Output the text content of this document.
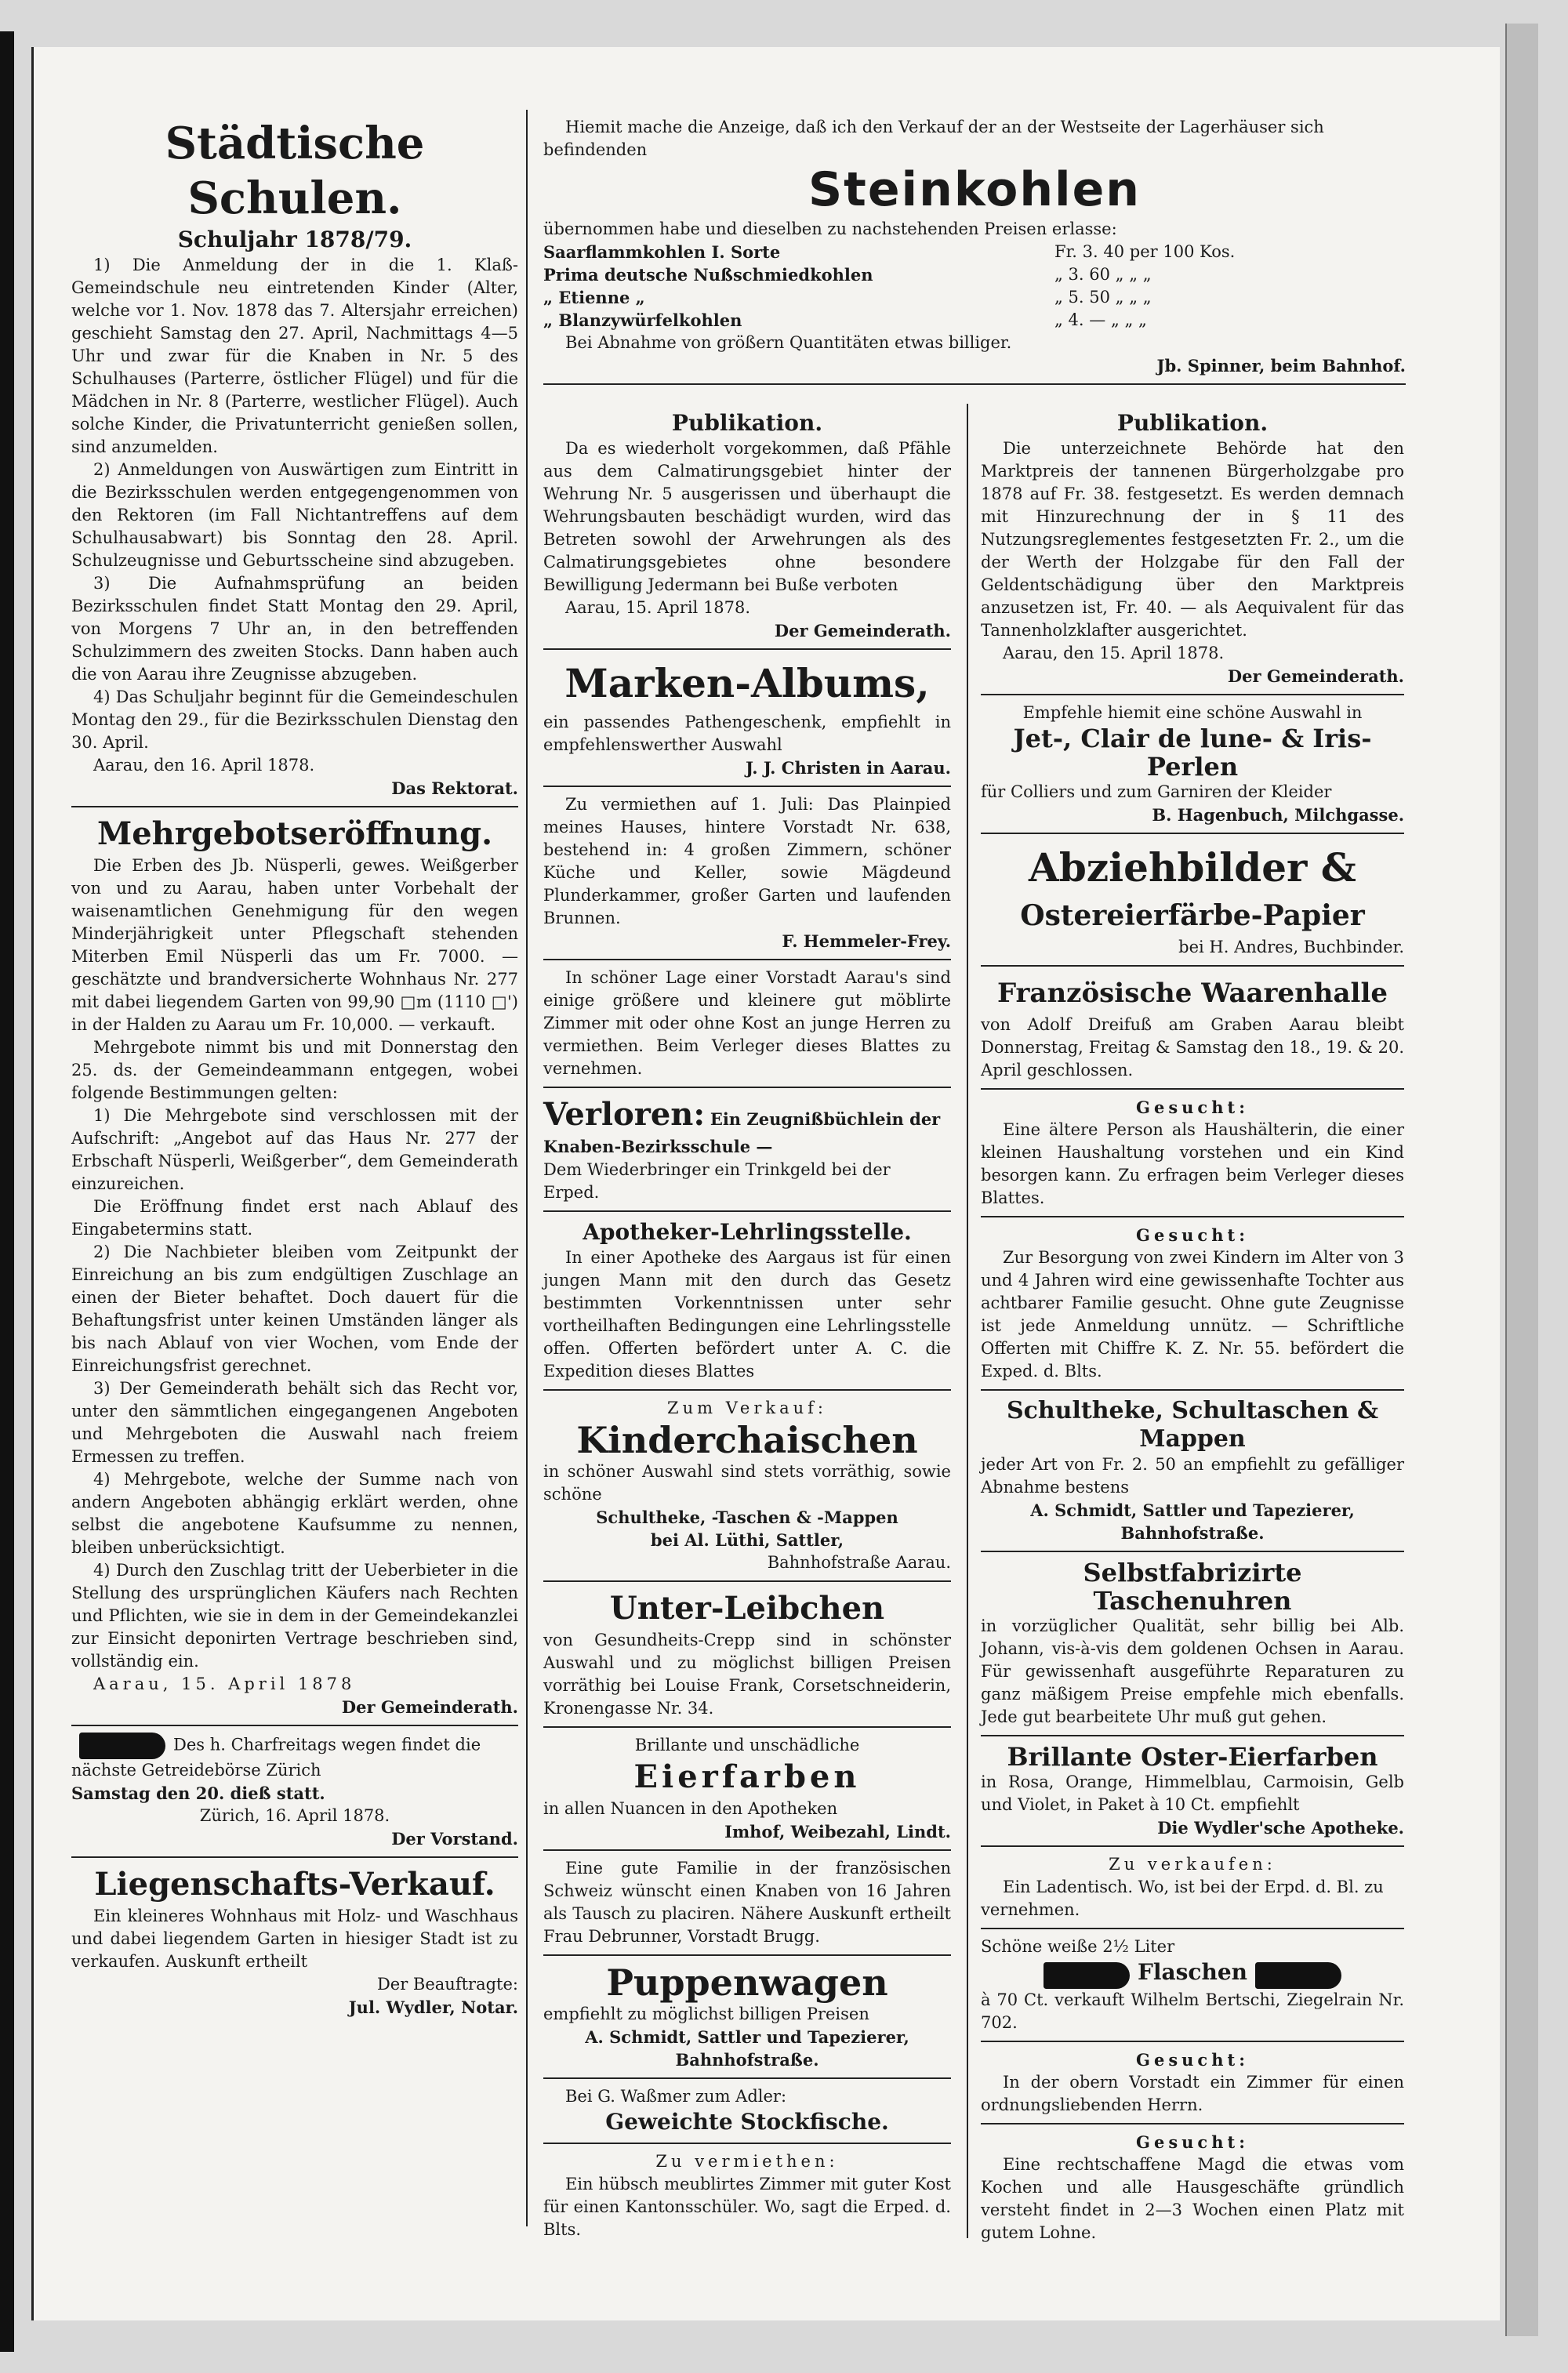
Städtische Schulen.
Schuljahr 1878/79.

1) Die Anmeldung der in die 1. Klaß-Gemeindschule neu eintretenden Kinder (Alter, welche vor 1. Nov. 1878 das 7. Altersjahr erreichen) geschieht Samstag den 27. April, Nachmittags 4—5 Uhr und zwar für die Knaben in Nr. 5 des Schulhauses (Parterre, östlicher Flügel) und für die Mädchen in Nr. 8 (Parterre, westlicher Flügel). Auch solche Kinder, die Privatunterricht genießen sollen, sind anzumelden.

2) Anmeldungen von Auswärtigen zum Eintritt in die Bezirksschulen werden entgegengenommen von den Rektoren (im Fall Nichtantreffens auf dem Schulhausabwart) bis Sonntag den 28. April. Schulzeugnisse und Geburtsscheine sind abzugeben.

3) Die Aufnahmsprüfung an beiden Bezirksschulen findet Statt Montag den 29. April, von Morgens 7 Uhr an, in den betreffenden Schulzimmern des zweiten Stocks. Dann haben auch die von Aarau ihre Zeugnisse abzugeben.

4) Das Schuljahr beginnt für die Gemeindeschulen Montag den 29., für die Bezirksschulen Dienstag den 30. April.

Aarau, den 16. April 1878.

Das Rektorat.

Mehrgebotseröffnung.

Die Erben des Jb. Nüsperli, gewes. Weißgerber von und zu Aarau, haben unter Vorbehalt der waisenamtlichen Genehmigung für den wegen Minderjährigkeit unter Pflegschaft stehenden Miterben Emil Nüsperli das um Fr. 7000. — geschätzte und brandversicherte Wohnhaus Nr. 277 mit dabei liegendem Garten von 99,90 □m (1110 □') in der Halden zu Aarau um Fr. 10,000. — verkauft.

Mehrgebote nimmt bis und mit Donnerstag den 25. ds. der Gemeindeammann entgegen, wobei folgende Bestimmungen gelten:

1) Die Mehrgebote sind verschlossen mit der Aufschrift: „Angebot auf das Haus Nr. 277 der Erbschaft Nüsperli, Weißgerber“, dem Gemeinderath einzureichen.

Die Eröffnung findet erst nach Ablauf des Eingabetermins statt.

2) Die Nachbieter bleiben vom Zeitpunkt der Einreichung an bis zum endgültigen Zuschlage an einen der Bieter behaftet. Doch dauert für die Behaftungsfrist unter keinen Umständen länger als bis nach Ablauf von vier Wochen, vom Ende der Einreichungsfrist gerechnet.

3) Der Gemeinderath behält sich das Recht vor, unter den sämmtlichen eingegangenen Angeboten und Mehrgeboten die Auswahl nach freiem Ermessen zu treffen.

4) Mehrgebote, welche der Summe nach von andern Angeboten abhängig erklärt werden, ohne selbst die angebotene Kaufsumme zu nennen, bleiben unberücksichtigt.

4) Durch den Zuschlag tritt der Ueberbieter in die Stellung des ursprünglichen Käufers nach Rechten und Pflichten, wie sie in dem in der Gemeindekanzlei zur Einsicht deponirten Vertrage beschrieben sind, vollständig ein.

Aarau, 15. April 1878

Der Gemeinderath.

Des h. Charfreitags wegen findet die nächste Getreidebörse Zürich

Samstag den 20. dieß statt.

Zürich, 16. April 1878.

Der Vorstand.

Liegenschafts-Verkauf.

Ein kleineres Wohnhaus mit Holz- und Waschhaus und dabei liegendem Garten in hiesiger Stadt ist zu verkaufen. Auskunft ertheilt

Der Beauftragte:

Jul. Wydler, Notar.

Hiemit mache die Anzeige, daß ich den Verkauf der an der Westseite der Lagerhäuser sich befindenden

Steinkohlen

übernommen habe und dieselben zu nachstehenden Preisen erlasse:

Saarflammkohlen I. Sorte	Fr. 3. 40 per 100 Kos.
Prima deutsche Nußschmiedkohlen	„ 3. 60 „ „ „
„ Etienne „	„ 5. 50 „ „ „
„ Blanzywürfelkohlen	„ 4. — „ „ „

Bei Abnahme von größern Quantitäten etwas billiger.

Jb. Spinner, beim Bahnhof.

Publikation.

Da es wiederholt vorgekommen, daß Pfähle aus dem Calmatirungsgebiet hinter der Wehrung Nr. 5 ausgerissen und überhaupt die Wehrungsbauten beschädigt wurden, wird das Betreten sowohl der Arwehrungen als des Calmatirungsgebietes ohne besondere Bewilligung Jedermann bei Buße verboten

Aarau, 15. April 1878.

Der Gemeinderath.

Marken-Albums,

ein passendes Pathengeschenk, empfiehlt in empfehlenswerther Auswahl

J. J. Christen in Aarau.

Zu vermiethen auf 1. Juli: Das Plainpied meines Hauses, hintere Vorstadt Nr. 638, bestehend in: 4 großen Zimmern, schöner Küche und Keller, sowie Mägdeund Plunderkammer, großer Garten und laufenden Brunnen.

F. Hemmeler-Frey.

In schöner Lage einer Vorstadt Aarau's sind einige größere und kleinere gut möblirte Zimmer mit oder ohne Kost an junge Herren zu vermiethen. Beim Verleger dieses Blattes zu vernehmen.

Verloren: Ein Zeugnißbüchlein der Knaben-Bezirksschule —

Dem Wiederbringer ein Trinkgeld bei der Erped.

Apotheker-Lehrlingsstelle.

In einer Apotheke des Aargaus ist für einen jungen Mann mit den durch das Gesetz bestimmten Vorkenntnissen unter sehr vortheilhaften Bedingungen eine Lehrlingsstelle offen. Offerten befördert unter A. C. die Expedition dieses Blattes

Zum Verkauf:

Kinderchaischen

in schöner Auswahl sind stets vorräthig, sowie schöne

Schultheke, -Taschen & -Mappen

bei Al. Lüthi, Sattler,

Bahnhofstraße Aarau.

Unter-Leibchen

von Gesundheits-Crepp sind in schönster Auswahl und zu möglichst billigen Preisen vorräthig bei Louise Frank, Corsetschneiderin, Kronengasse Nr. 34.

Brillante und unschädliche

Eierfarben

in allen Nuancen in den Apotheken

Imhof, Weibezahl, Lindt.

Eine gute Familie in der französischen Schweiz wünscht einen Knaben von 16 Jahren als Tausch zu placiren. Nähere Auskunft ertheilt Frau Debrunner, Vorstadt Brugg.

Puppenwagen

empfiehlt zu möglichst billigen Preisen

A. Schmidt, Sattler und Tapezierer, Bahnhofstraße.

Bei G. Waßmer zum Adler:

Geweichte Stockfische.

Zu vermiethen:

Ein hübsch meublirtes Zimmer mit guter Kost für einen Kantonsschüler. Wo, sagt die Erped. d. Blts.

Publikation.

Die unterzeichnete Behörde hat den Marktpreis der tannenen Bürgerholzgabe pro 1878 auf Fr. 38. festgesetzt. Es werden demnach mit Hinzurechnung der in § 11 des Nutzungsreglementes festgesetzten Fr. 2., um die der Werth der Holzgabe für den Fall der Geldentschädigung über den Marktpreis anzusetzen ist, Fr. 40. — als Aequivalent für das Tannenholzklafter ausgerichtet.

Aarau, den 15. April 1878.

Der Gemeinderath.

Empfehle hiemit eine schöne Auswahl in

Jet-, Clair de lune- & Iris-Perlen

für Colliers und zum Garniren der Kleider

B. Hagenbuch, Milchgasse.

Abziehbilder &
Ostereierfärbe-Papier

bei H. Andres, Buchbinder.

Französische Waarenhalle

von Adolf Dreifuß am Graben Aarau bleibt Donnerstag, Freitag & Samstag den 18., 19. & 20. April geschlossen.

Gesucht:

Eine ältere Person als Haushälterin, die einer kleinen Haushaltung vorstehen und ein Kind besorgen kann. Zu erfragen beim Verleger dieses Blattes.

Gesucht:

Zur Besorgung von zwei Kindern im Alter von 3 und 4 Jahren wird eine gewissenhafte Tochter aus achtbarer Familie gesucht. Ohne gute Zeugnisse ist jede Anmeldung unnütz. — Schriftliche Offerten mit Chiffre K. Z. Nr. 55. befördert die Exped. d. Blts.

Schultheke, Schultaschen & Mappen

jeder Art von Fr. 2. 50 an empfiehlt zu gefälliger Abnahme bestens

A. Schmidt, Sattler und Tapezierer, Bahnhofstraße.

Selbstfabrizirte Taschenuhren

in vorzüglicher Qualität, sehr billig bei Alb. Johann, vis-à-vis dem goldenen Ochsen in Aarau. Für gewissenhaft ausgeführte Reparaturen zu ganz mäßigem Preise empfehle mich ebenfalls. Jede gut bearbeitete Uhr muß gut gehen.

Brillante Oster-Eierfarben

in Rosa, Orange, Himmelblau, Carmoisin, Gelb und Violet, in Paket à 10 Ct. empfiehlt

Die Wydler'sche Apotheke.

Zu verkaufen:

Ein Ladentisch. Wo, ist bei der Erpd. d. Bl. zu vernehmen.

Schöne weiße 2½ Liter

Flaschen

à 70 Ct. verkauft Wilhelm Bertschi, Ziegelrain Nr. 702.

Gesucht:

In der obern Vorstadt ein Zimmer für einen ordnungsliebenden Herrn.

Gesucht:

Eine rechtschaffene Magd die etwas vom Kochen und alle Hausgeschäfte gründlich versteht findet in 2—3 Wochen einen Platz mit gutem Lohne.
